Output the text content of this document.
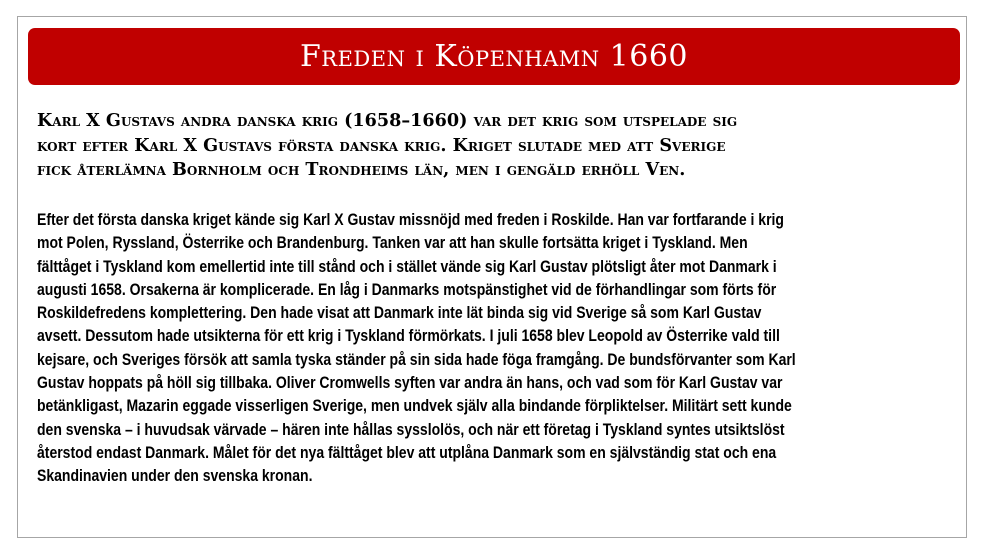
Freden i Köpenhamn 1660

Karl X Gustavs andra danska krig (1658–1660) var det krig som utspelade sig
kort efter Karl X Gustavs första danska krig. Kriget slutade med att Sverige
fick återlämna Bornholm och Trondheims län, men i gengäld erhöll Ven.

Efter det första danska kriget kände sig Karl X Gustav missnöjd med freden i Roskilde. Han var fortfarande i krig
mot Polen, Ryssland, Österrike och Brandenburg. Tanken var att han skulle fortsätta kriget i Tyskland. Men
fälttåget i Tyskland kom emellertid inte till stånd och i stället vände sig Karl Gustav plötsligt åter mot Danmark i
augusti 1658. Orsakerna är komplicerade. En låg i Danmarks motspänstighet vid de förhandlingar som förts för
Roskildefredens komplettering. Den hade visat att Danmark inte lät binda sig vid Sverige så som Karl Gustav
avsett. Dessutom hade utsikterna för ett krig i Tyskland förmörkats. I juli 1658 blev Leopold av Österrike vald till
kejsare, och Sveriges försök att samla tyska ständer på sin sida hade föga framgång. De bundsförvanter som Karl
Gustav hoppats på höll sig tillbaka. Oliver Cromwells syften var andra än hans, och vad som för Karl Gustav var
betänkligast, Mazarin eggade visserligen Sverige, men undvek själv alla bindande förpliktelser. Militärt sett kunde
den svenska – i huvudsak värvade – hären inte hållas sysslolös, och när ett företag i Tyskland syntes utsiktslöst
återstod endast Danmark. Målet för det nya fälttåget blev att utplåna Danmark som en självständig stat och ena
Skandinavien under den svenska kronan.
